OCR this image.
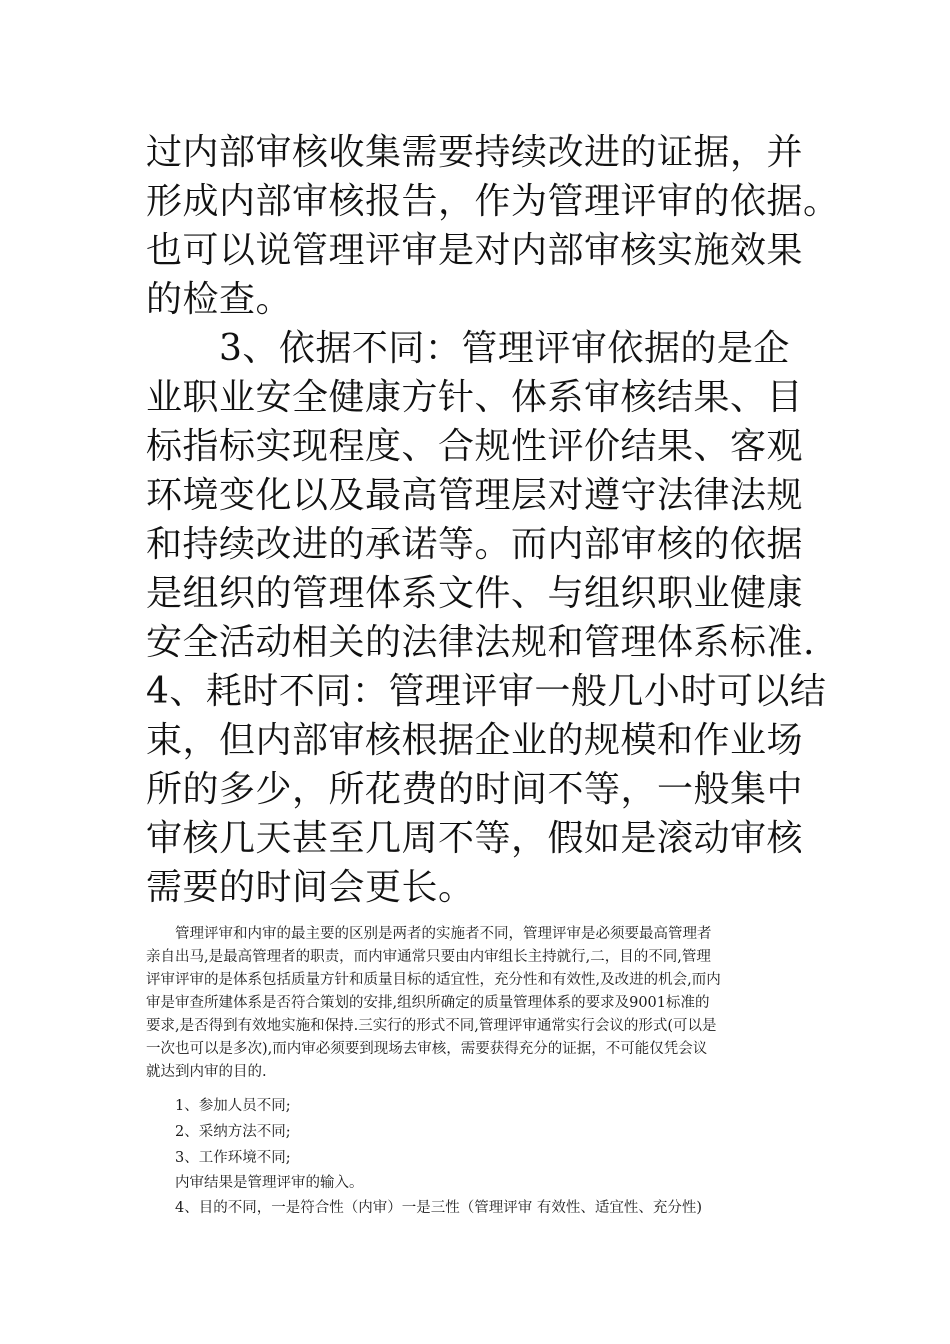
过内部审核收集需要持续改进的证据，并
形成内部审核报告，作为管理评审的依据。
也可以说管理评审是对内部审核实施效果
的检查。
　　3、依据不同：管理评审依据的是企
业职业安全健康方针、体系审核结果、目
标指标实现程度、合规性评价结果、客观
环境变化以及最高管理层对遵守法律法规
和持续改进的承诺等。而内部审核的依据
是组织的管理体系文件、与组织职业健康
安全活动相关的法律法规和管理体系标准.
4、耗时不同：管理评审一般几小时可以结
束，但内部审核根据企业的规模和作业场
所的多少，所花费的时间不等，一般集中
审核几天甚至几周不等，假如是滚动审核
需要的时间会更长。
　　管理评审和内审的最主要的区别是两者的实施者不同，管理评审是必须要最高管理者
亲自出马,是最高管理者的职责，而内审通常只要由内审组长主持就行,二，目的不同,管理
评审评审的是体系包括质量方针和质量目标的适宜性，充分性和有效性,及改进的机会,而内
审是审查所建体系是否符合策划的安排,组织所确定的质量管理体系的要求及9001标准的
要求,是否得到有效地实施和保持.三实行的形式不同,管理评审通常实行会议的形式(可以是
一次也可以是多次),而内审必须要到现场去审核，需要获得充分的证据，不可能仅凭会议
就达到内审的目的.
　　1、参加人员不同;
　　2、采纳方法不同;
　　3、工作环境不同;
　　内审结果是管理评审的输入。
　　4、目的不同，一是符合性（内审）一是三性（管理评审 有效性、适宜性、充分性)
